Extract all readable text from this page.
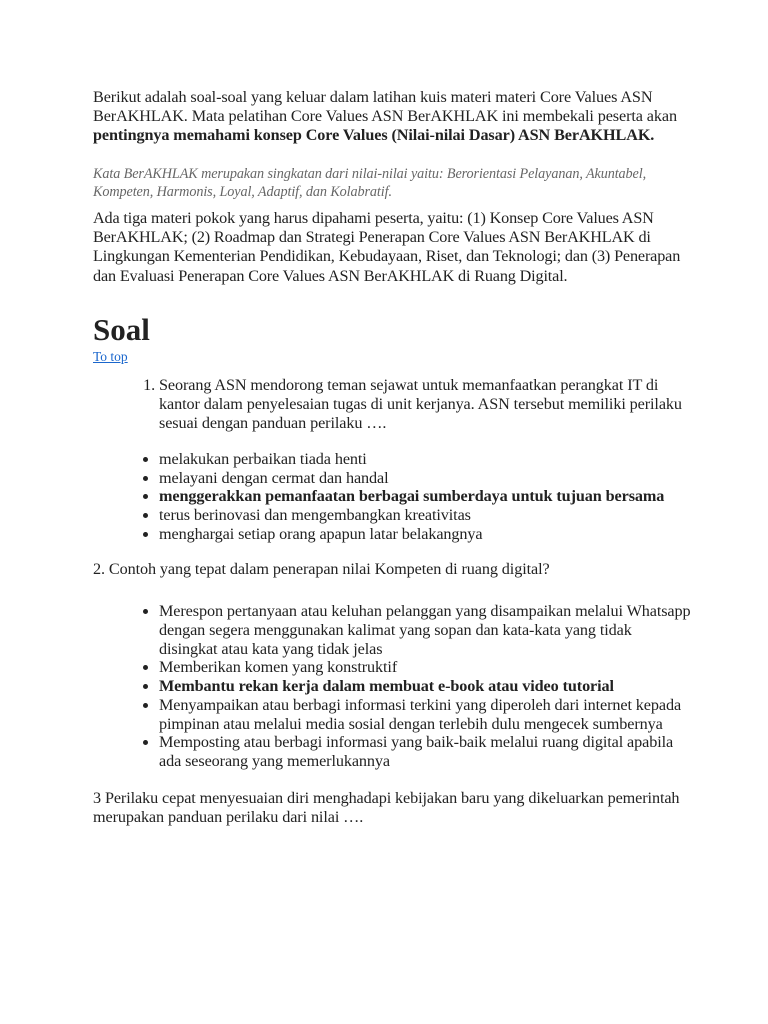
Berikut adalah soal-soal yang keluar dalam latihan kuis materi materi Core Values ASN BerAKHLAK. Mata pelatihan Core Values ASN BerAKHLAK ini membekali peserta akan pentingnya memahami konsep Core Values (Nilai-nilai Dasar) ASN BerAKHLAK.

Kata BerAKHLAK merupakan singkatan dari nilai-nilai yaitu: Berorientasi Pelayanan, Akuntabel, Kompeten, Harmonis, Loyal, Adaptif, dan Kolabratif.

Ada tiga materi pokok yang harus dipahami peserta, yaitu: (1) Konsep Core Values ASN BerAKHLAK; (2) Roadmap dan Strategi Penerapan Core Values ASN BerAKHLAK di Lingkungan Kementerian Pendidikan, Kebudayaan, Riset, dan Teknologi; dan (3) Penerapan dan Evaluasi Penerapan Core Values ASN BerAKHLAK di Ruang Digital.

Soal
To top
1. Seorang ASN mendorong teman sejawat untuk memanfaatkan perangkat IT di kantor dalam penyelesaian tugas di unit kerjanya. ASN tersebut memiliki perilaku sesuai dengan panduan perilaku ….
• melakukan perbaikan tiada henti
• melayani dengan cermat dan handal
• menggerakkan pemanfaatan berbagai sumberdaya untuk tujuan bersama
• terus berinovasi dan mengembangkan kreativitas
• menghargai setiap orang apapun latar belakangnya

2. Contoh yang tepat dalam penerapan nilai Kompeten di ruang digital?

• Merespon pertanyaan atau keluhan pelanggan yang disampaikan melalui Whatsapp dengan segera menggunakan kalimat yang sopan dan kata-kata yang tidak disingkat atau kata yang tidak jelas
• Memberikan komen yang konstruktif
• Membantu rekan kerja dalam membuat e-book atau video tutorial
• Menyampaikan atau berbagi informasi terkini yang diperoleh dari internet kepada pimpinan atau melalui media sosial dengan terlebih dulu mengecek sumbernya
• Memposting atau berbagi informasi yang baik-baik melalui ruang digital apabila ada seseorang yang memerlukannya

3 Perilaku cepat menyesuaian diri menghadapi kebijakan baru yang dikeluarkan pemerintah merupakan panduan perilaku dari nilai ….
